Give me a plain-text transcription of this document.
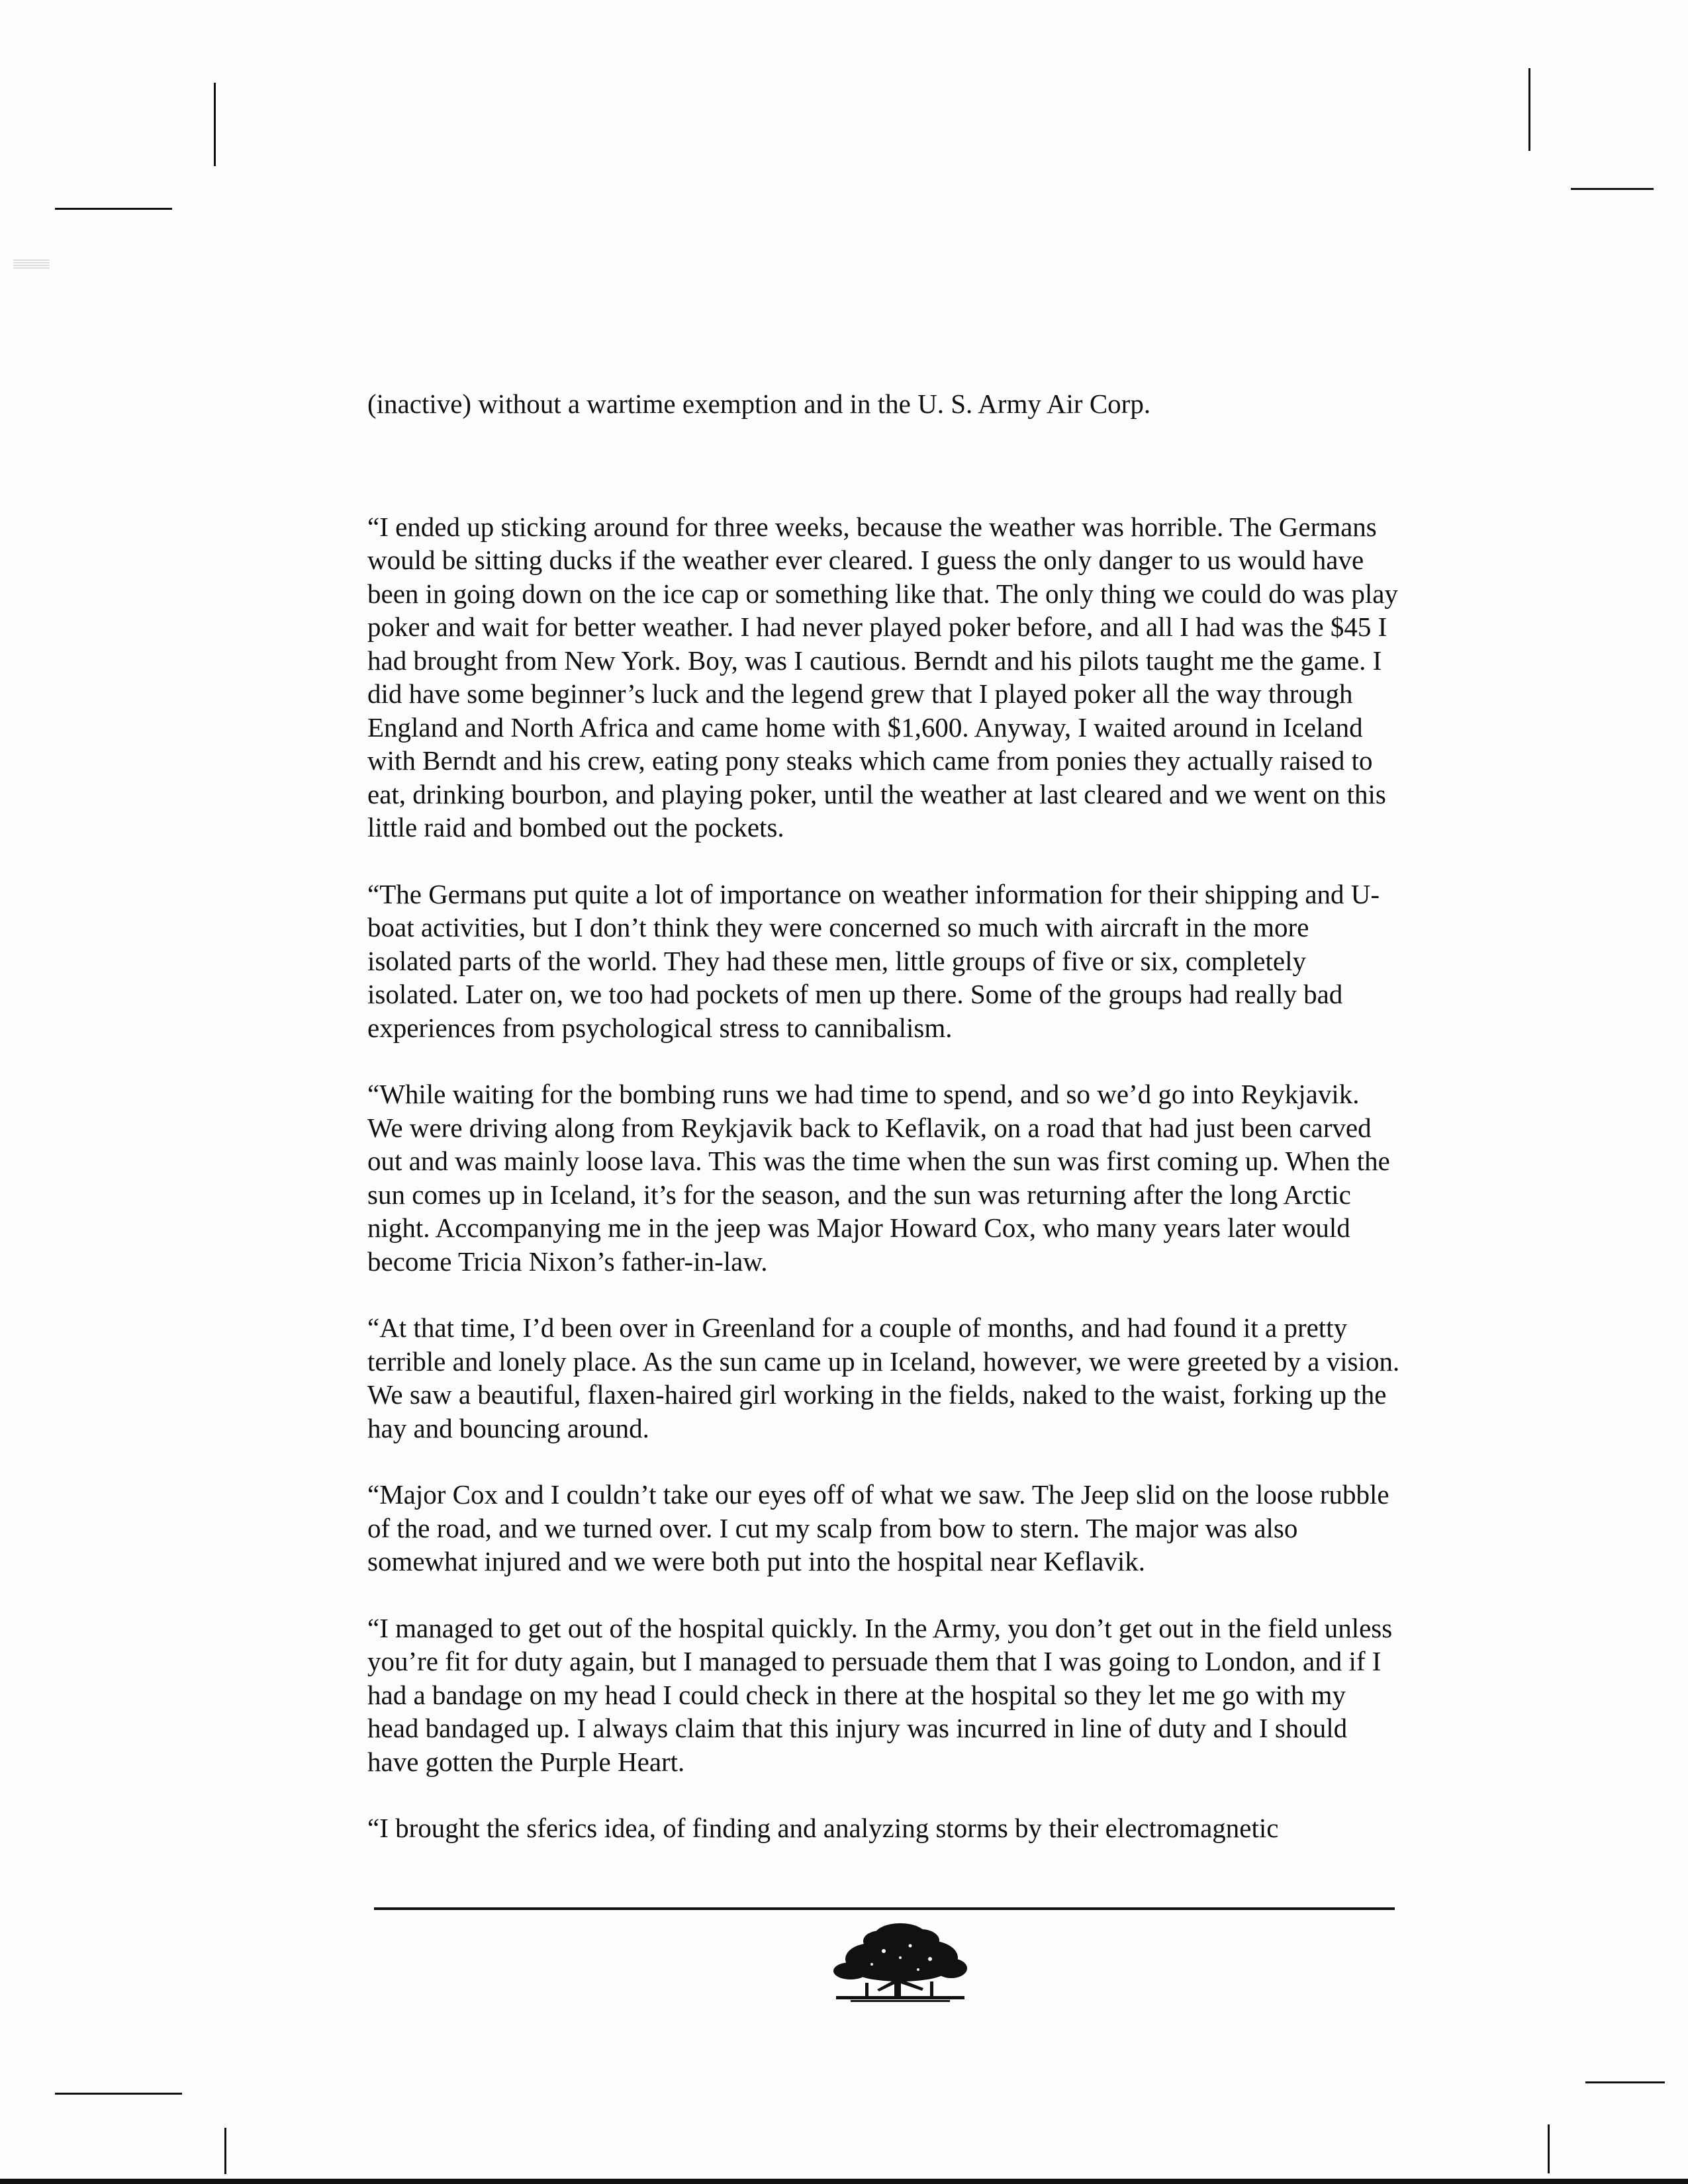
(inactive) without a wartime exemption and in the U. S. Army Air Corp.

“I ended up sticking around for three weeks, because the weather was horrible. The Germans would be sitting ducks if the weather ever cleared. I guess the only danger to us would have been in going down on the ice cap or something like that. The only thing we could do was play poker and wait for better weather. I had never played poker before, and all I had was the $45 I had brought from New York. Boy, was I cautious. Berndt and his pilots taught me the game. I did have some beginner’s luck and the legend grew that I played poker all the way through England and North Africa and came home with $1,600. Anyway, I waited around in Iceland with Berndt and his crew, eating pony steaks which came from ponies they actually raised to eat, drinking bourbon, and playing poker, until the weather at last cleared and we went on this little raid and bombed out the pockets.

“The Germans put quite a lot of importance on weather information for their shipping and U-boat activities, but I don’t think they were concerned so much with aircraft in the more isolated parts of the world. They had these men, little groups of five or six, completely isolated. Later on, we too had pockets of men up there. Some of the groups had really bad experiences from psychological stress to cannibalism.

“While waiting for the bombing runs we had time to spend, and so we’d go into Reykjavik. We were driving along from Reykjavik back to Keflavik, on a road that had just been carved out and was mainly loose lava. This was the time when the sun was first coming up. When the sun comes up in Iceland, it’s for the season, and the sun was returning after the long Arctic night. Accompanying me in the jeep was Major Howard Cox, who many years later would become Tricia Nixon’s father-in-law.

“At that time, I’d been over in Greenland for a couple of months, and had found it a pretty terrible and lonely place. As the sun came up in Iceland, however, we were greeted by a vision. We saw a beautiful, flaxen-haired girl working in the fields, naked to the waist, forking up the hay and bouncing around.

“Major Cox and I couldn’t take our eyes off of what we saw. The Jeep slid on the loose rubble of the road, and we turned over. I cut my scalp from bow to stern. The major was also somewhat injured and we were both put into the hospital near Keflavik.

“I managed to get out of the hospital quickly. In the Army, you don’t get out in the field unless you’re fit for duty again, but I managed to persuade them that I was going to London, and if I had a bandage on my head I could check in there at the hospital so they let me go with my head bandaged up. I always claim that this injury was incurred in line of duty and I should have gotten the Purple Heart.

“I brought the sferics idea, of finding and analyzing storms by their electromagnetic
